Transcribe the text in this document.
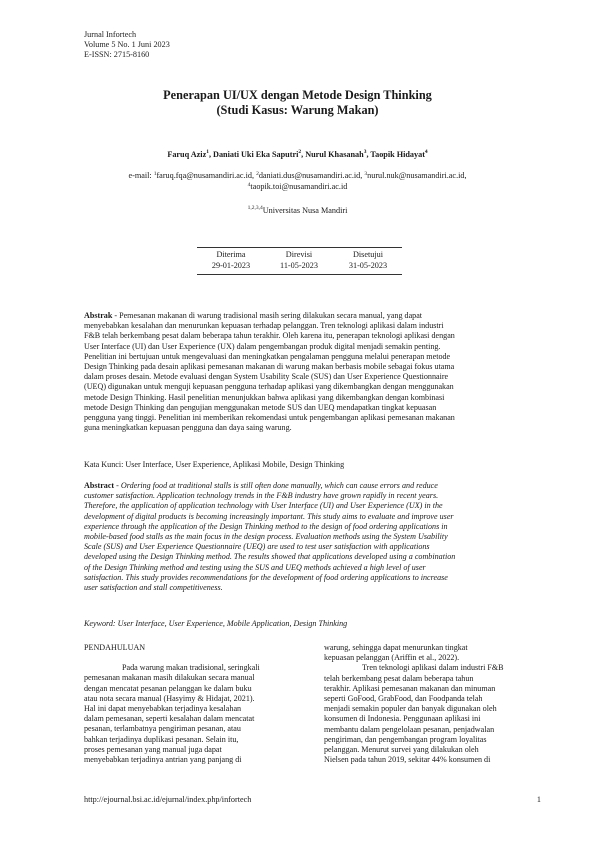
Jurnal Infortech
Volume 5 No. 1 Juni 2023
E-ISSN: 2715-8160
Penerapan UI/UX dengan Metode Design Thinking
(Studi Kasus: Warung Makan)
Faruq Aziz$^1$, Daniati Uki Eka Saputri$^2$, Nurul Khasanah$^3$, Taopik Hidayat$^4$
e-mail: $^1$faruq.fqa@nusamandiri.ac.id, $^2$daniati.dus@nusamandiri.ac.id, $^3$nurul.nuk@nusamandiri.ac.id,
$^4$taopik.toi@nusamandiri.ac.id
$^{1,2,3,4}$Universitas Nusa Mandiri
Diterima
29-01-2023
Direvisi
11-05-2023
Disetujui
31-05-2023
Abstrak - Pemesanan makanan di warung tradisional masih sering dilakukan secara manual, yang dapat
menyebabkan kesalahan dan menurunkan kepuasan terhadap pelanggan. Tren teknologi aplikasi dalam industri
F&B telah berkembang pesat dalam beberapa tahun terakhir. Oleh karena itu, penerapan teknologi aplikasi dengan
User Interface (UI) dan User Experience (UX) dalam pengembangan produk digital menjadi semakin penting.
Penelitian ini bertujuan untuk mengevaluasi dan meningkatkan pengalaman pengguna melalui penerapan metode
Design Thinking pada desain aplikasi pemesanan makanan di warung makan berbasis mobile sebagai fokus utama
dalam proses desain. Metode evaluasi dengan System Usability Scale (SUS) dan User Experience Questionnaire
(UEQ) digunakan untuk menguji kepuasan pengguna terhadap aplikasi yang dikembangkan dengan menggunakan
metode Design Thinking. Hasil penelitian menunjukkan bahwa aplikasi yang dikembangkan dengan kombinasi
metode Design Thinking dan pengujian menggunakan metode SUS dan UEQ mendapatkan tingkat kepuasan
pengguna yang tinggi. Penelitian ini memberikan rekomendasi untuk pengembangan aplikasi pemesanan makanan
guna meningkatkan kepuasan pengguna dan daya saing warung.
Kata Kunci: User Interface, User Experience, Aplikasi Mobile, Design Thinking
Abstract - Ordering food at traditional stalls is still often done manually, which can cause errors and reduce
customer satisfaction. Application technology trends in the F&B industry have grown rapidly in recent years.
Therefore, the application of application technology with User Interface (UI) and User Experience (UX) in the
development of digital products is becoming increasingly important. This study aims to evaluate and improve user
experience through the application of the Design Thinking method to the design of food ordering applications in
mobile-based food stalls as the main focus in the design process. Evaluation methods using the System Usability
Scale (SUS) and User Experience Questionnaire (UEQ) are used to test user satisfaction with applications
developed using the Design Thinking method. The results showed that applications developed using a combination
of the Design Thinking method and testing using the SUS and UEQ methods achieved a high level of user
satisfaction. This study provides recommendations for the development of food ordering applications to increase
user satisfaction and stall competitiveness.
Keyword: User Interface, User Experience, Mobile Application, Design Thinking
PENDAHULUAN
Pada warung makan tradisional, seringkali
pemesanan makanan masih dilakukan secara manual
dengan mencatat pesanan pelanggan ke dalam buku
atau nota secara manual (Hasyimy & Hidajat, 2021).
Hal ini dapat menyebabkan terjadinya kesalahan
dalam pemesanan, seperti kesalahan dalam mencatat
pesanan, terlambatnya pengiriman pesanan, atau
bahkan terjadinya duplikasi pesanan. Selain itu,
proses pemesanan yang manual juga dapat
menyebabkan terjadinya antrian yang panjang di
warung, sehingga dapat menurunkan tingkat
kepuasan pelanggan (Ariffin et al., 2022).
Tren teknologi aplikasi dalam industri F&B
telah berkembang pesat dalam beberapa tahun
terakhir. Aplikasi pemesanan makanan dan minuman
seperti GoFood, GrabFood, dan Foodpanda telah
menjadi semakin populer dan banyak digunakan oleh
konsumen di Indonesia. Penggunaan aplikasi ini
membantu dalam pengelolaan pesanan, penjadwalan
pengiriman, dan pengembangan program loyalitas
pelanggan. Menurut survei yang dilakukan oleh
Nielsen pada tahun 2019, sekitar 44% konsumen di
http://ejournal.bsi.ac.id/ejurnal/index.php/infortech	1
